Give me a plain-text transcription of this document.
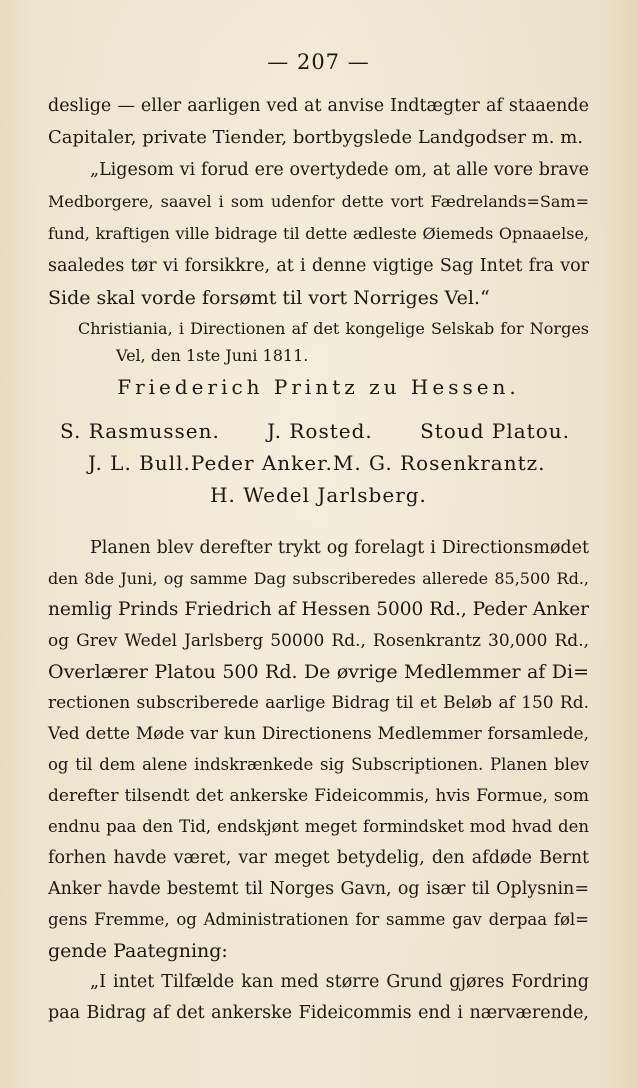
— 207 —
deslige — eller aarligen ved at anvise Indtægter af staaende
Capitaler, private Tiender, bortbygslede Landgodser m. m.
„Ligesom vi forud ere overtydede om, at alle vore brave
Medborgere, saavel i som udenfor dette vort Fædrelands=Sam=
fund, kraftigen ville bidrage til dette ædleste Øiemeds Opnaaelse,
saaledes tør vi forsikkre, at i denne vigtige Sag Intet fra vor
Side skal vorde forsømt til vort Norriges Vel.“
Christiania, i Directionen af det kongelige Selskab for Norges
Vel, den 1ste Juni 1811.
Friederich Printz zu Hessen.
S. Rasmussen. J. Rosted. Stoud Platou.
J. L. Bull. Peder Anker. M. G. Rosenkrantz.
H. Wedel Jarlsberg.
Planen blev derefter trykt og forelagt i Directionsmødet
den 8de Juni, og samme Dag subscriberedes allerede 85,500 Rd.,
nemlig Prinds Friedrich af Hessen 5000 Rd., Peder Anker
og Grev Wedel Jarlsberg 50000 Rd., Rosenkrantz 30,000 Rd.,
Overlærer Platou 500 Rd. De øvrige Medlemmer af Di=
rectionen subscriberede aarlige Bidrag til et Beløb af 150 Rd.
Ved dette Møde var kun Directionens Medlemmer forsamlede,
og til dem alene indskrænkede sig Subscriptionen. Planen blev
derefter tilsendt det ankerske Fideicommis, hvis Formue, som
endnu paa den Tid, endskjønt meget formindsket mod hvad den
forhen havde været, var meget betydelig, den afdøde Bernt
Anker havde bestemt til Norges Gavn, og især til Oplysnin=
gens Fremme, og Administrationen for samme gav derpaa føl=
gende Paategning:
„I intet Tilfælde kan med større Grund gjøres Fordring
paa Bidrag af det ankerske Fideicommis end i nærværende,
